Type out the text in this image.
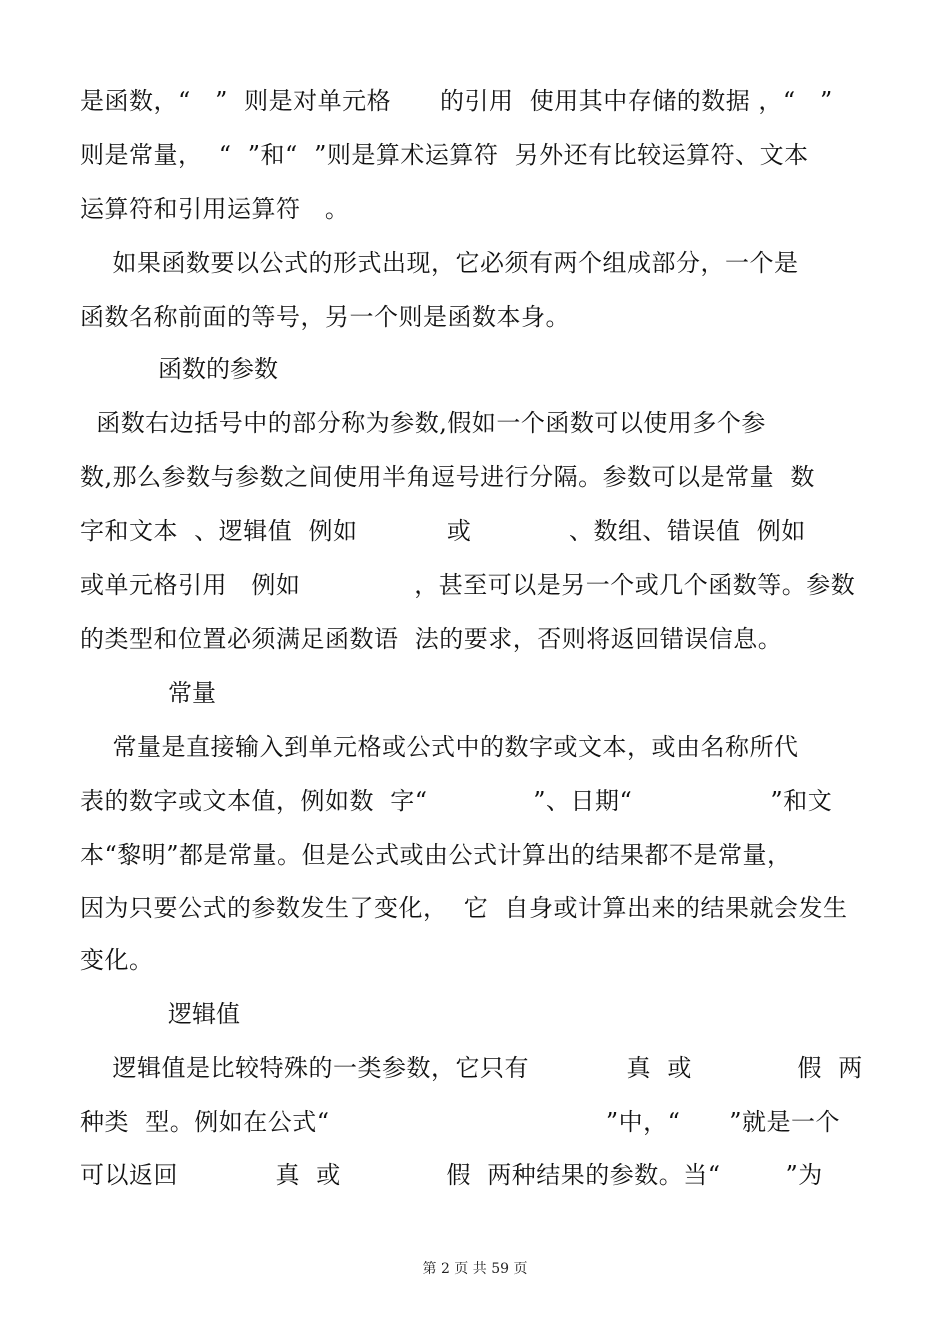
是函数，“   ”  则是对单元格      的引用  使用其中存储的数据 ，“   ”
则是常量，  “  ”和“  ”则是算术运算符  另外还有比较运算符、文本
运算符和引用运算符   。
如果函数要以公式的形式出现，它必须有两个组成部分，一个是
函数名称前面的等号，另一个则是函数本身。
函数的参数
函数右边括号中的部分称为参数,假如一个函数可以使用多个参
数,那么参数与参数之间使用半角逗号进行分隔。参数可以是常量  数
字和文本  、逻辑值  例如           或            、数组、错误值  例如
或单元格引用   例如              ，甚至可以是另一个或几个函数等。参数
的类型和位置必须满足函数语  法的要求，否则将返回错误信息。
常量
常量是直接输入到单元格或公式中的数字或文本，或由名称所代
表的数字或文本值，例如数  字“             ”、日期“                 ”和文
本“黎明”都是常量。但是公式或由公式计算出的结果都不是常量，
因为只要公式的参数发生了变化，  它  自身或计算出来的结果就会发生
变化。
逻辑值
逻辑值是比较特殊的一类参数，它只有            真  或             假  两
种类  型。例如在公式“                                  ”中，“      ”就是一个
可以返回            真  或             假  两种结果的参数。当“        ”为
第 2 页 共 59 页
